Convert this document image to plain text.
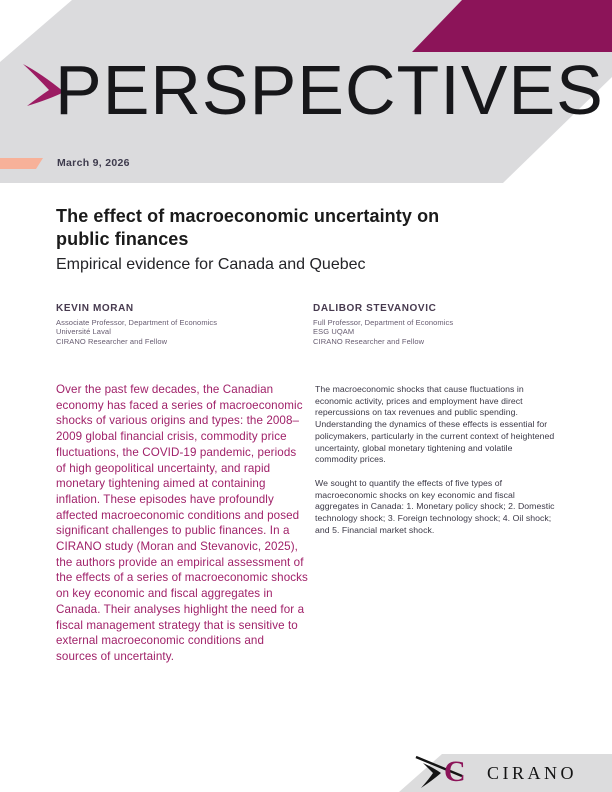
PERSPECTIVES
March 9, 2026
The effect of macroeconomic uncertainty on public finances
Empirical evidence for Canada and Quebec
KEVIN MORAN
Associate Professor, Department of Economics
Université Laval
CIRANO Researcher and Fellow
DALIBOR STEVANOVIC
Full Professor, Department of Economics
ESG UQAM
CIRANO Researcher and Fellow
Over the past few decades, the Canadian economy has faced a series of macroeconomic shocks of various origins and types: the 2008–2009 global financial crisis, commodity price fluctuations, the COVID-19 pandemic, periods of high geopolitical uncertainty, and rapid monetary tightening aimed at containing inflation. These episodes have profoundly affected macroeconomic conditions and posed significant challenges to public finances. In a CIRANO study (Moran and Stevanovic, 2025), the authors provide an empirical assessment of the effects of a series of macroeconomic shocks on key economic and fiscal aggregates in Canada. Their analyses highlight the need for a fiscal management strategy that is sensitive to external macroeconomic conditions and sources of uncertainty.

The macroeconomic shocks that cause fluctuations in economic activity, prices and employment have direct repercussions on tax revenues and public spending. Understanding the dynamics of these effects is essential for policymakers, particularly in the current context of heightened uncertainty, global monetary tightening and volatile commodity prices.

We sought to quantify the effects of five types of macroeconomic shocks on key economic and fiscal aggregates in Canada: 1. Monetary policy shock; 2. Domestic technology shock; 3. Foreign technology shock; 4. Oil shock; and 5. Financial market shock.

C CIRANO
